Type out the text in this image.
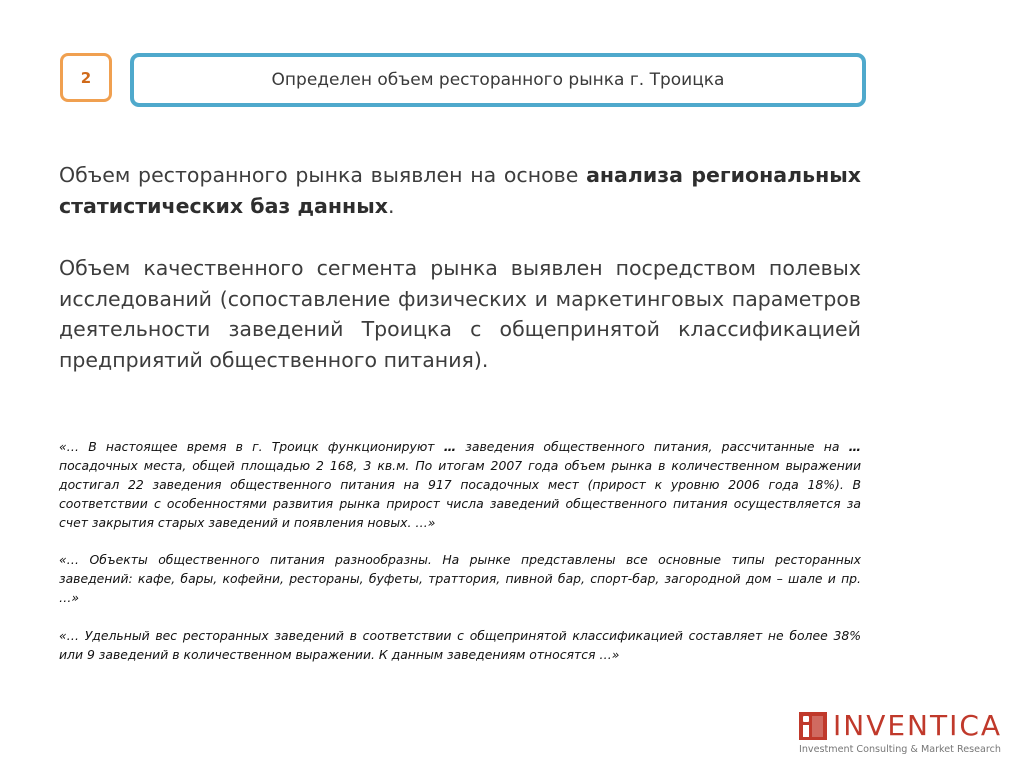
2	Определен объем ресторанного рынка г. Троицка

Объем ресторанного рынка выявлен на основе анализа региональных статистических баз данных.

Объем качественного сегмента рынка выявлен посредством полевых исследований (сопоставление физических и маркетинговых параметров деятельности заведений Троицка с общепринятой классификацией предприятий общественного питания).

«… В настоящее время в г. Троицк функционируют … заведения общественного питания, рассчитанные на … посадочных места, общей площадью 2 168, 3 кв.м. По итогам 2007 года объем рынка в количественном выражении достигал 22 заведения общественного питания на 917 посадочных мест (прирост к уровню 2006 года 18%). В соответствии с особенностями развития рынка прирост числа заведений общественного питания осуществляется за счет закрытия старых заведений и появления новых. …»

«… Объекты общественного питания разнообразны. На рынке представлены все основные типы ресторанных заведений: кафе, бары, кофейни, рестораны, буфеты, траттория, пивной бар, спорт-бар, загородной дом – шале и пр. …»

«… Удельный вес ресторанных заведений в соответствии с общепринятой классификацией составляет не более 38% или 9 заведений в количественном выражении. К данным заведениям относятся …»

INVENTICA
Investment Consulting & Market Research
